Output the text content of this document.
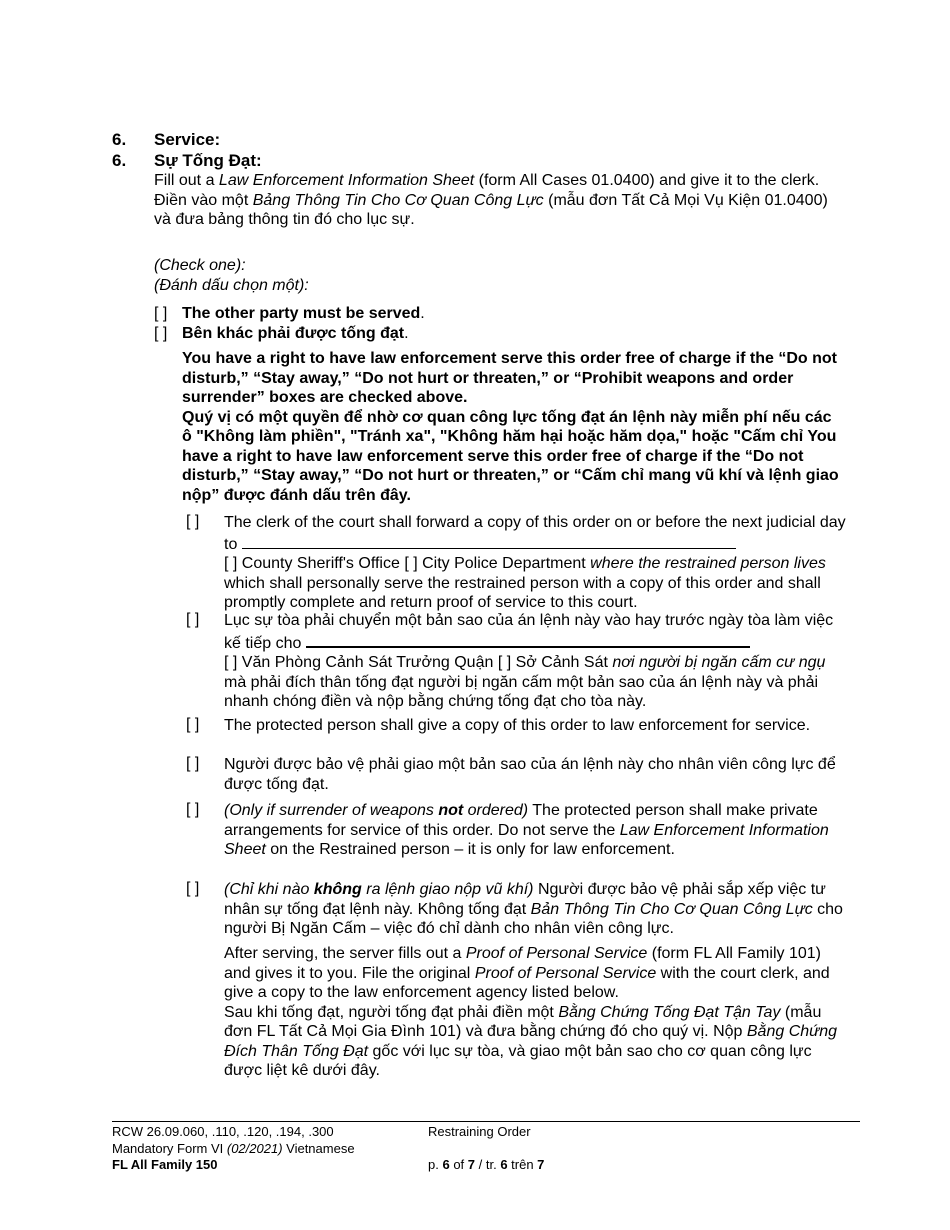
6. Service:
6. Sự Tống Đạt:

Fill out a Law Enforcement Information Sheet (form All Cases 01.0400) and give it to the clerk.

Điền vào một Bảng Thông Tin Cho Cơ Quan Công Lực (mẫu đơn Tất Cả Mọi Vụ Kiện 01.0400) và đưa bảng thông tin đó cho lục sự.

(Check one):

(Đánh dấu chọn một):

[ ] The other party must be served.
[ ] Bên khác phải được tống đạt.

You have a right to have law enforcement serve this order free of charge if the “Do not disturb,” “Stay away,” “Do not hurt or threaten,” or “Prohibit weapons and order surrender” boxes are checked above.

Quý vị có một quyền để nhờ cơ quan công lực tống đạt án lệnh này miễn phí nếu các ô "Không làm phiền", "Tránh xa", "Không hăm hại hoặc hăm dọa," hoặc "Cấm chỉ You have a right to have law enforcement serve this order free of charge if the “Do not disturb,” “Stay away,” “Do not hurt or threaten,” or “Cấm chỉ mang vũ khí và lệnh giao nộp” được đánh dấu trên đây.

[ ] The clerk of the court shall forward a copy of this order on or before the next judicial day to
[ ] County Sheriff's Office [ ] City Police Department where the restrained person lives which shall personally serve the restrained person with a copy of this order and shall promptly complete and return proof of service to this court.
[ ] Lục sự tòa phải chuyển một bản sao của án lệnh này vào hay trước ngày tòa làm việc kế tiếp cho
[ ] Văn Phòng Cảnh Sát Trưởng Quận [ ] Sở Cảnh Sát nơi người bị ngăn cấm cư ngụ mà phải đích thân tống đạt người bị ngăn cấm một bản sao của án lệnh này và phải nhanh chóng điền và nộp bằng chứng tống đạt cho tòa này.
[ ] The protected person shall give a copy of this order to law enforcement for service.
[ ] Người được bảo vệ phải giao một bản sao của án lệnh này cho nhân viên công lực để được tống đạt.
[ ] (Only if surrender of weapons not ordered) The protected person shall make private arrangements for service of this order. Do not serve the Law Enforcement Information Sheet on the Restrained person – it is only for law enforcement.
[ ] (Chỉ khi nào không ra lệnh giao nộp vũ khí) Người được bảo vệ phải sắp xếp việc tư nhân sự tống đạt lệnh này. Không tống đạt Bản Thông Tin Cho Cơ Quan Công Lực cho người Bị Ngăn Cấm – việc đó chỉ dành cho nhân viên công lực.

After serving, the server fills out a Proof of Personal Service (form FL All Family 101) and gives it to you. File the original Proof of Personal Service with the court clerk, and give a copy to the law enforcement agency listed below.

Sau khi tống đạt, người tống đạt phải điền một Bằng Chứng Tống Đạt Tận Tay (mẫu đơn FL Tất Cả Mọi Gia Đình 101) và đưa bằng chứng đó cho quý vị. Nộp Bằng Chứng Đích Thân Tống Đạt gốc với lục sự tòa, và giao một bản sao cho cơ quan công lực được liệt kê dưới đây.

RCW 26.09.060, .110, .120, .194, .300
Mandatory Form VI (02/2021) Vietnamese
FL All Family 150
Restraining Order
p. 6 of 7 / tr. 6 trên 7
